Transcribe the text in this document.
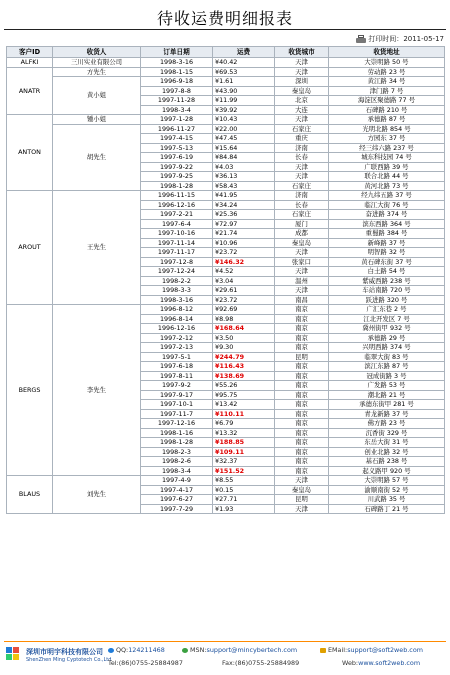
待收运费明细报表
打印时间： 2011-05-17
客户ID	收货人	订单日期	运费	收货城市	收货地址
ALFKI	三川实业有限公司	1998-3-16	¥40.42	天津	大崇明路 50 号
ANATR	方先生	1998-1-15	¥69.53	天津	劳动路 23 号
	黄小姐	1996-9-18	¥1.61	深圳	黄江路 34 号
		1997-8-8	¥43.90	秦皇岛	津门路 7 号
		1997-11-28	¥11.99	北京	海淀区聚德路 77 号
		1998-3-4	¥39.92	大连	石碑路 210 号
ANTON	锺小姐	1997-1-28	¥10.43	天津	承德路 87 号
	胡先生	1996-11-27	¥22.00	石家庄	光明北路 854 号
		1997-4-15	¥47.45	重庆	方园东 37 号
		1997-5-13	¥15.64	济南	经三纬六路 237 号
		1997-6-19	¥84.84	长春	城东科技园 74 号
		1997-9-22	¥4.03	天津	广联西路 39 号
		1997-9-25	¥36.13	天津	联合北路 44 号
		1998-1-28	¥58.43	石家庄	黄河北路 73 号
AROUT	王先生	1996-11-15	¥41.95	济南	经九纬五路 37 号
		1996-12-16	¥34.24	长春	临江大街 76 号
		1997-2-21	¥25.36	石家庄	奋进路 374 号
		1997-6-4	¥72.97	厦门	滨东西路 364 号
		1997-10-16	¥21.74	成都	重蜀路 384 号
		1997-11-14	¥10.96	秦皇岛	新峰路 37 号
		1997-11-17	¥23.72	天津	明智路 32 号
		1997-12-8	¥146.32	张家口	黄石碑东街 37 号
		1997-12-24	¥4.52	天津	白土路 54 号
		1998-2-2	¥3.04	温州	紫威西路 238 号
		1998-3-3	¥29.61	天津	车站南路 720 号
		1998-3-16	¥23.72	南昌	跃进路 320 号
BERGS	李先生	1996-8-12	¥92.69	南京	广汇东巷 2 号
		1996-8-14	¥8.98	南京	江北开发区 7 号
		1996-12-16	¥168.64	南京	冀州街甲 932 号
		1997-2-12	¥3.50	南京	承德路 29 号
		1997-2-13	¥9.30	南京	兴明西路 374 号
		1997-5-1	¥244.79	昆明	临翠大街 83 号
		1997-6-18	¥116.43	南京	滨江东路 87 号
		1997-8-11	¥138.69	南京	冠成街路 3 号
		1997-9-2	¥55.26	南京	广发路 53 号
		1997-9-17	¥95.75	南京	潮北路 21 号
		1997-10-1	¥13.42	南京	承德东街甲 281 号
		1997-11-7	¥110.11	南京	青龙新路 37 号
		1997-12-16	¥6.79	南京	佛方路 23 号
		1998-1-16	¥13.32	南京	沉香街 329 号
		1998-1-28	¥188.85	南京	东岳大街 31 号
		1998-2-3	¥109.11	南京	创业北路 32 号
		1998-2-6	¥32.37	南京	基石路 238 号
		1998-3-4	¥151.52	南京	起义路甲 920 号
BLAUS	刘先生	1997-4-9	¥8.55	天津	大崇明路 57 号
		1997-4-17	¥0.15	秦皇岛	渝顺南街 52 号
		1997-6-27	¥27.71	昆明	川武路 35 号
		1997-7-29	¥1.93	天津	石碑路丁 21 号
深圳市明宇科技有限公司
ShenZhen Ming Cyptotech Co.,Ltd
QQ:124211468	MSN:support@mincybertech.com	EMail:support@soft2web.com
Tel:(86)0755-25884987	Fax:(86)0755-25884989	Web:www.soft2web.com
